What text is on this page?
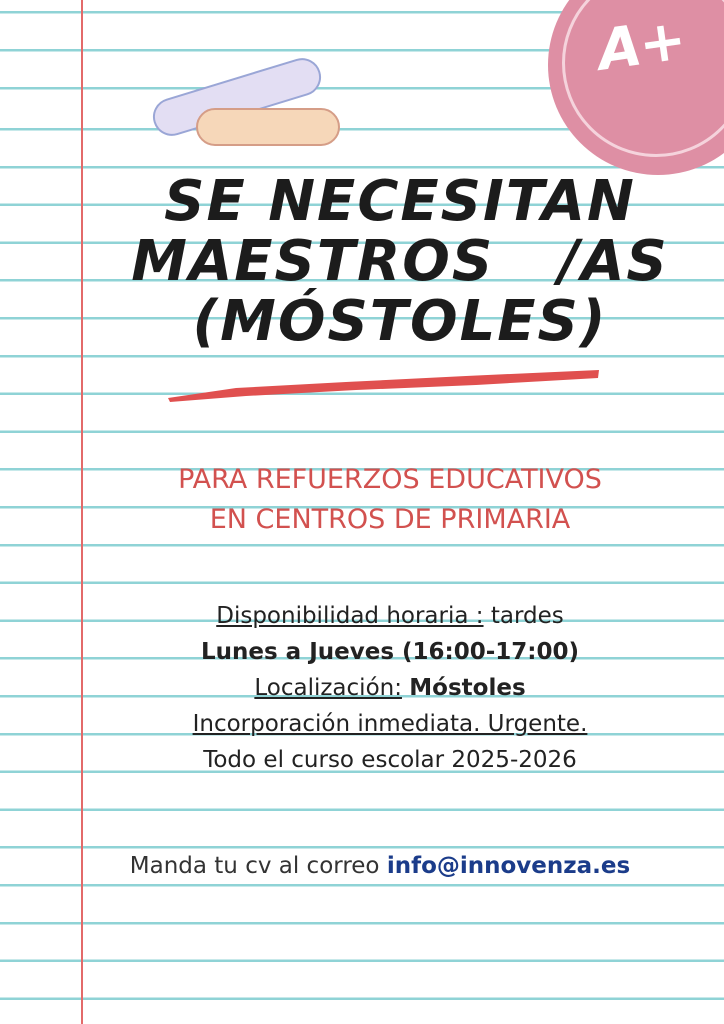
A+
SE NECESITAN
MAESTROS   /AS
(MÓSTOLES)
PARA REFUERZOS EDUCATIVOS
EN CENTROS DE PRIMARIA
Disponibilidad horaria : tardes
Lunes a Jueves (16:00-17:00)
Localización: Móstoles
Incorporación inmediata. Urgente.
Todo el curso escolar 2025-2026
Manda tu cv al correo info@innovenza.es
